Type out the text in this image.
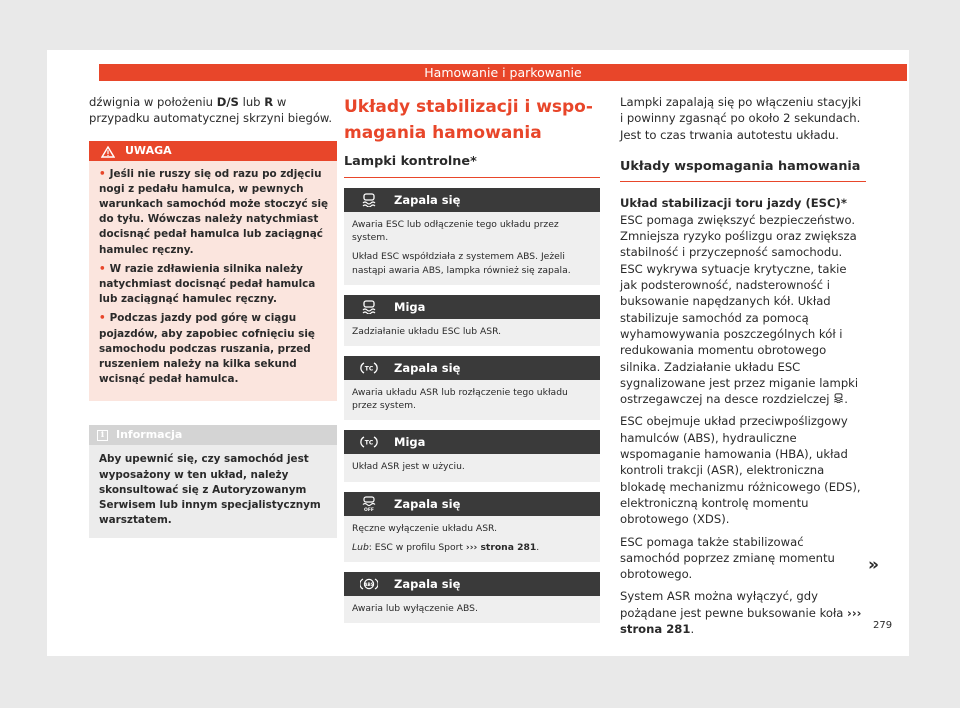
Hamowanie i parkowanie

dźwignia w położeniu D/S lub R w przypadku automatycznej skrzyni biegów.

UWAGA
• Jeśli nie ruszy się od razu po zdjęciu nogi z pedału hamulca, w pewnych warunkach samochód może stoczyć się do tyłu. Wówczas należy natychmiast docisnąć pedał hamulca lub zaciągnąć hamulec ręczny.
• W razie zdławienia silnika należy natychmiast docisnąć pedał hamulca lub zaciągnąć hamulec ręczny.
• Podczas jazdy pod górę w ciągu pojazdów, aby zapobiec cofnięciu się samochodu podczas ruszania, przed ruszeniem należy na kilka sekund wcisnąć pedał hamulca.
i	Informacja

Aby upewnić się, czy samochód jest wyposażony w ten układ, należy skonsultować się z Autoryzowanym Serwisem lub innym specjalistycznym warsztatem.

Układy stabilizacji i wspo-
magania hamowania
Lampki kontrolne*
Zapala się

Awaria ESC lub odłączenie tego układu przez system.

Układ ESC współdziała z systemem ABS. Jeżeli nastąpi awaria ABS, lampka również się zapala.

Miga

Zadziałanie układu ESC lub ASR.

TC Zapala się

Awaria układu ASR lub rozłączenie tego układu przez system.

TC Miga

Układ ASR jest w użyciu.

OFF Zapala się

Ręczne wyłączenie układu ASR.

Lub: ESC w profilu Sport ››› strona 281.

ABS Zapala się

Awaria lub wyłączenie ABS.

Lampki zapalają się po włączeniu stacyjki i powinny zgasnąć po około 2 sekundach. Jest to czas trwania autotestu układu.

Układy wspomagania hamowania

Układ stabilizacji toru jazdy (ESC)*

ESC pomaga zwiększyć bezpieczeństwo. Zmniejsza ryzyko poślizgu oraz zwiększa stabilność i przyczepność samochodu. ESC wykrywa sytuacje krytyczne, takie jak podsterowność, nadsterowność i buksowanie napędzanych kół. Układ stabilizuje samochód za pomocą wyhamowywania poszczególnych kół i redukowania momentu obrotowego silnika. Zadziałanie układu ESC sygnalizowane jest przez miganie lampki ostrzegawczej na desce rozdzielczej .

ESC obejmuje układ przeciwpoślizgowy hamulców (ABS), hydrauliczne wspomaganie hamowania (HBA), układ kontroli trakcji (ASR), elektroniczna blokadę mechanizmu różnicowego (EDS), elektroniczną kontrolę momentu obrotowego (XDS).

ESC pomaga także stabilizować samochód poprzez zmianę momentu obrotowego.

System ASR można wyłączyć, gdy pożądane jest pewne buksowanie koła ››› strona 281.

»
279
